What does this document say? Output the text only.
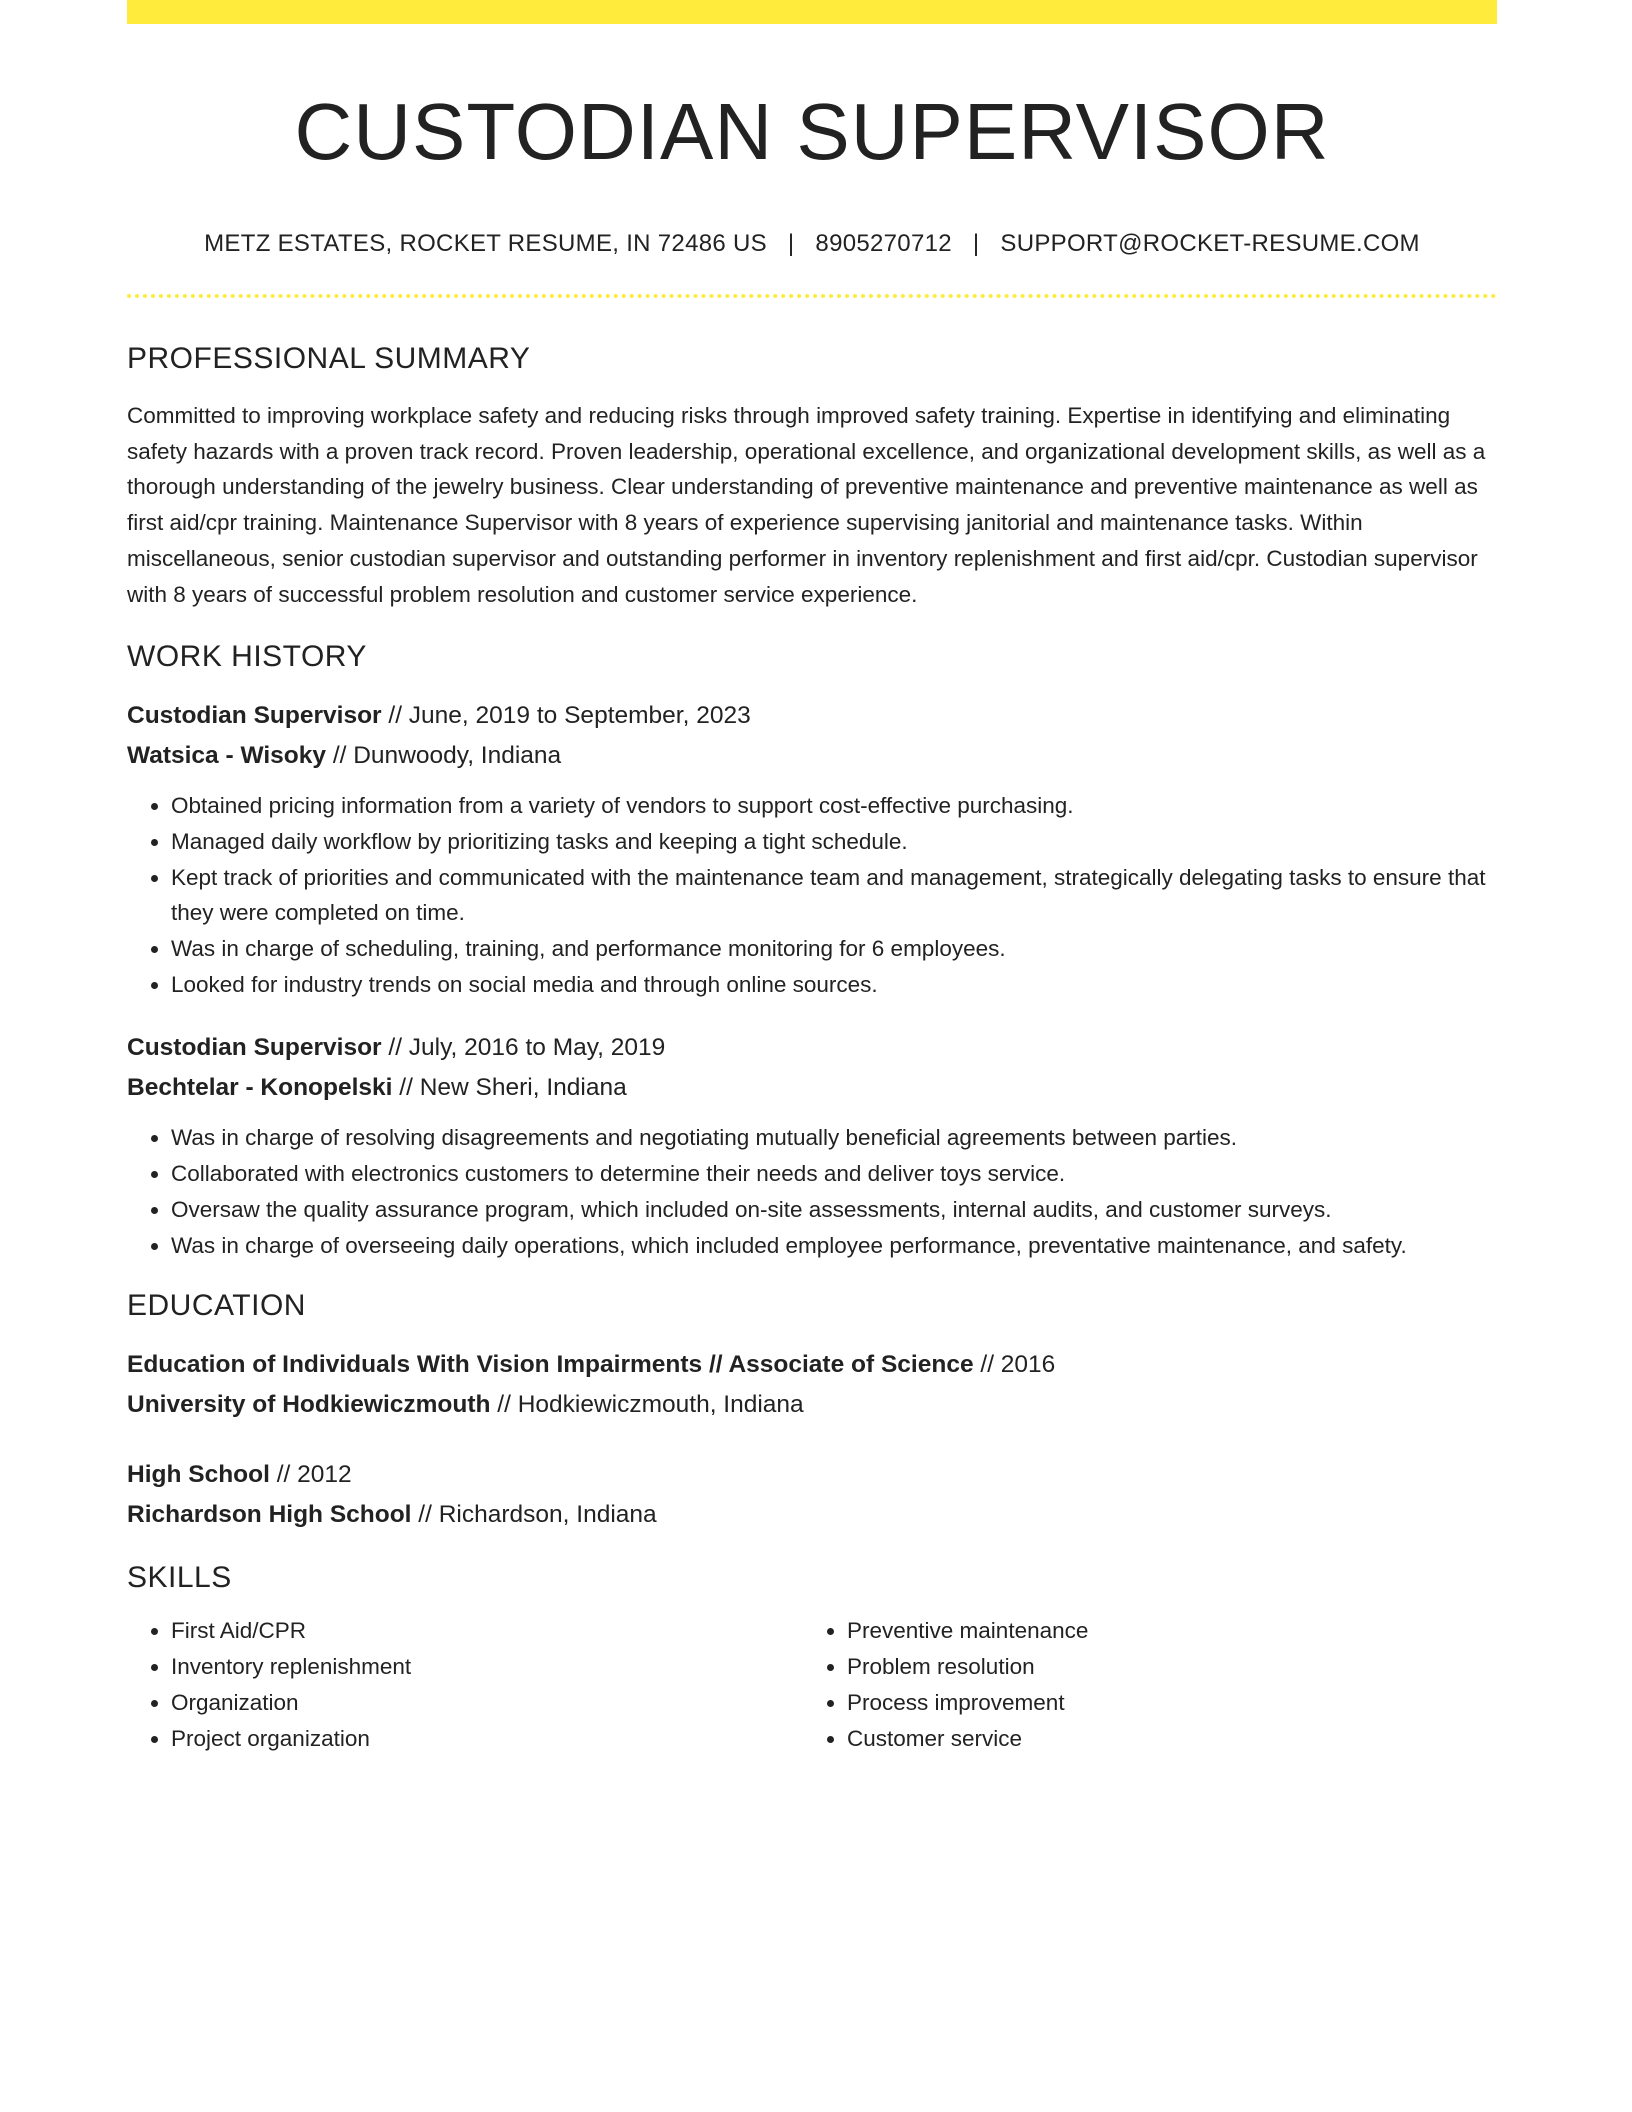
CUSTODIAN SUPERVISOR
METZ ESTATES, ROCKET RESUME, IN 72486 US | 8905270712 | SUPPORT@ROCKET-RESUME.COM
PROFESSIONAL SUMMARY
Committed to improving workplace safety and reducing risks through improved safety training. Expertise in identifying and eliminating safety hazards with a proven track record. Proven leadership, operational excellence, and organizational development skills, as well as a thorough understanding of the jewelry business. Clear understanding of preventive maintenance and preventive maintenance as well as first aid/cpr training. Maintenance Supervisor with 8 years of experience supervising janitorial and maintenance tasks. Within miscellaneous, senior custodian supervisor and outstanding performer in inventory replenishment and first aid/cpr. Custodian supervisor with 8 years of successful problem resolution and customer service experience.
WORK HISTORY
Custodian Supervisor // June, 2019 to September, 2023
Watsica - Wisoky // Dunwoody, Indiana
• Obtained pricing information from a variety of vendors to support cost-effective purchasing.
• Managed daily workflow by prioritizing tasks and keeping a tight schedule.
• Kept track of priorities and communicated with the maintenance team and management, strategically delegating tasks to ensure that they were completed on time.
• Was in charge of scheduling, training, and performance monitoring for 6 employees.
• Looked for industry trends on social media and through online sources.
Custodian Supervisor // July, 2016 to May, 2019
Bechtelar - Konopelski // New Sheri, Indiana
• Was in charge of resolving disagreements and negotiating mutually beneficial agreements between parties.
• Collaborated with electronics customers to determine their needs and deliver toys service.
• Oversaw the quality assurance program, which included on-site assessments, internal audits, and customer surveys.
• Was in charge of overseeing daily operations, which included employee performance, preventative maintenance, and safety.
EDUCATION
Education of Individuals With Vision Impairments // Associate of Science // 2016
University of Hodkiewiczmouth // Hodkiewiczmouth, Indiana
High School // 2012
Richardson High School // Richardson, Indiana
SKILLS
• First Aid/CPR
• Inventory replenishment
• Organization
• Project organization
• Preventive maintenance
• Problem resolution
• Process improvement
• Customer service
